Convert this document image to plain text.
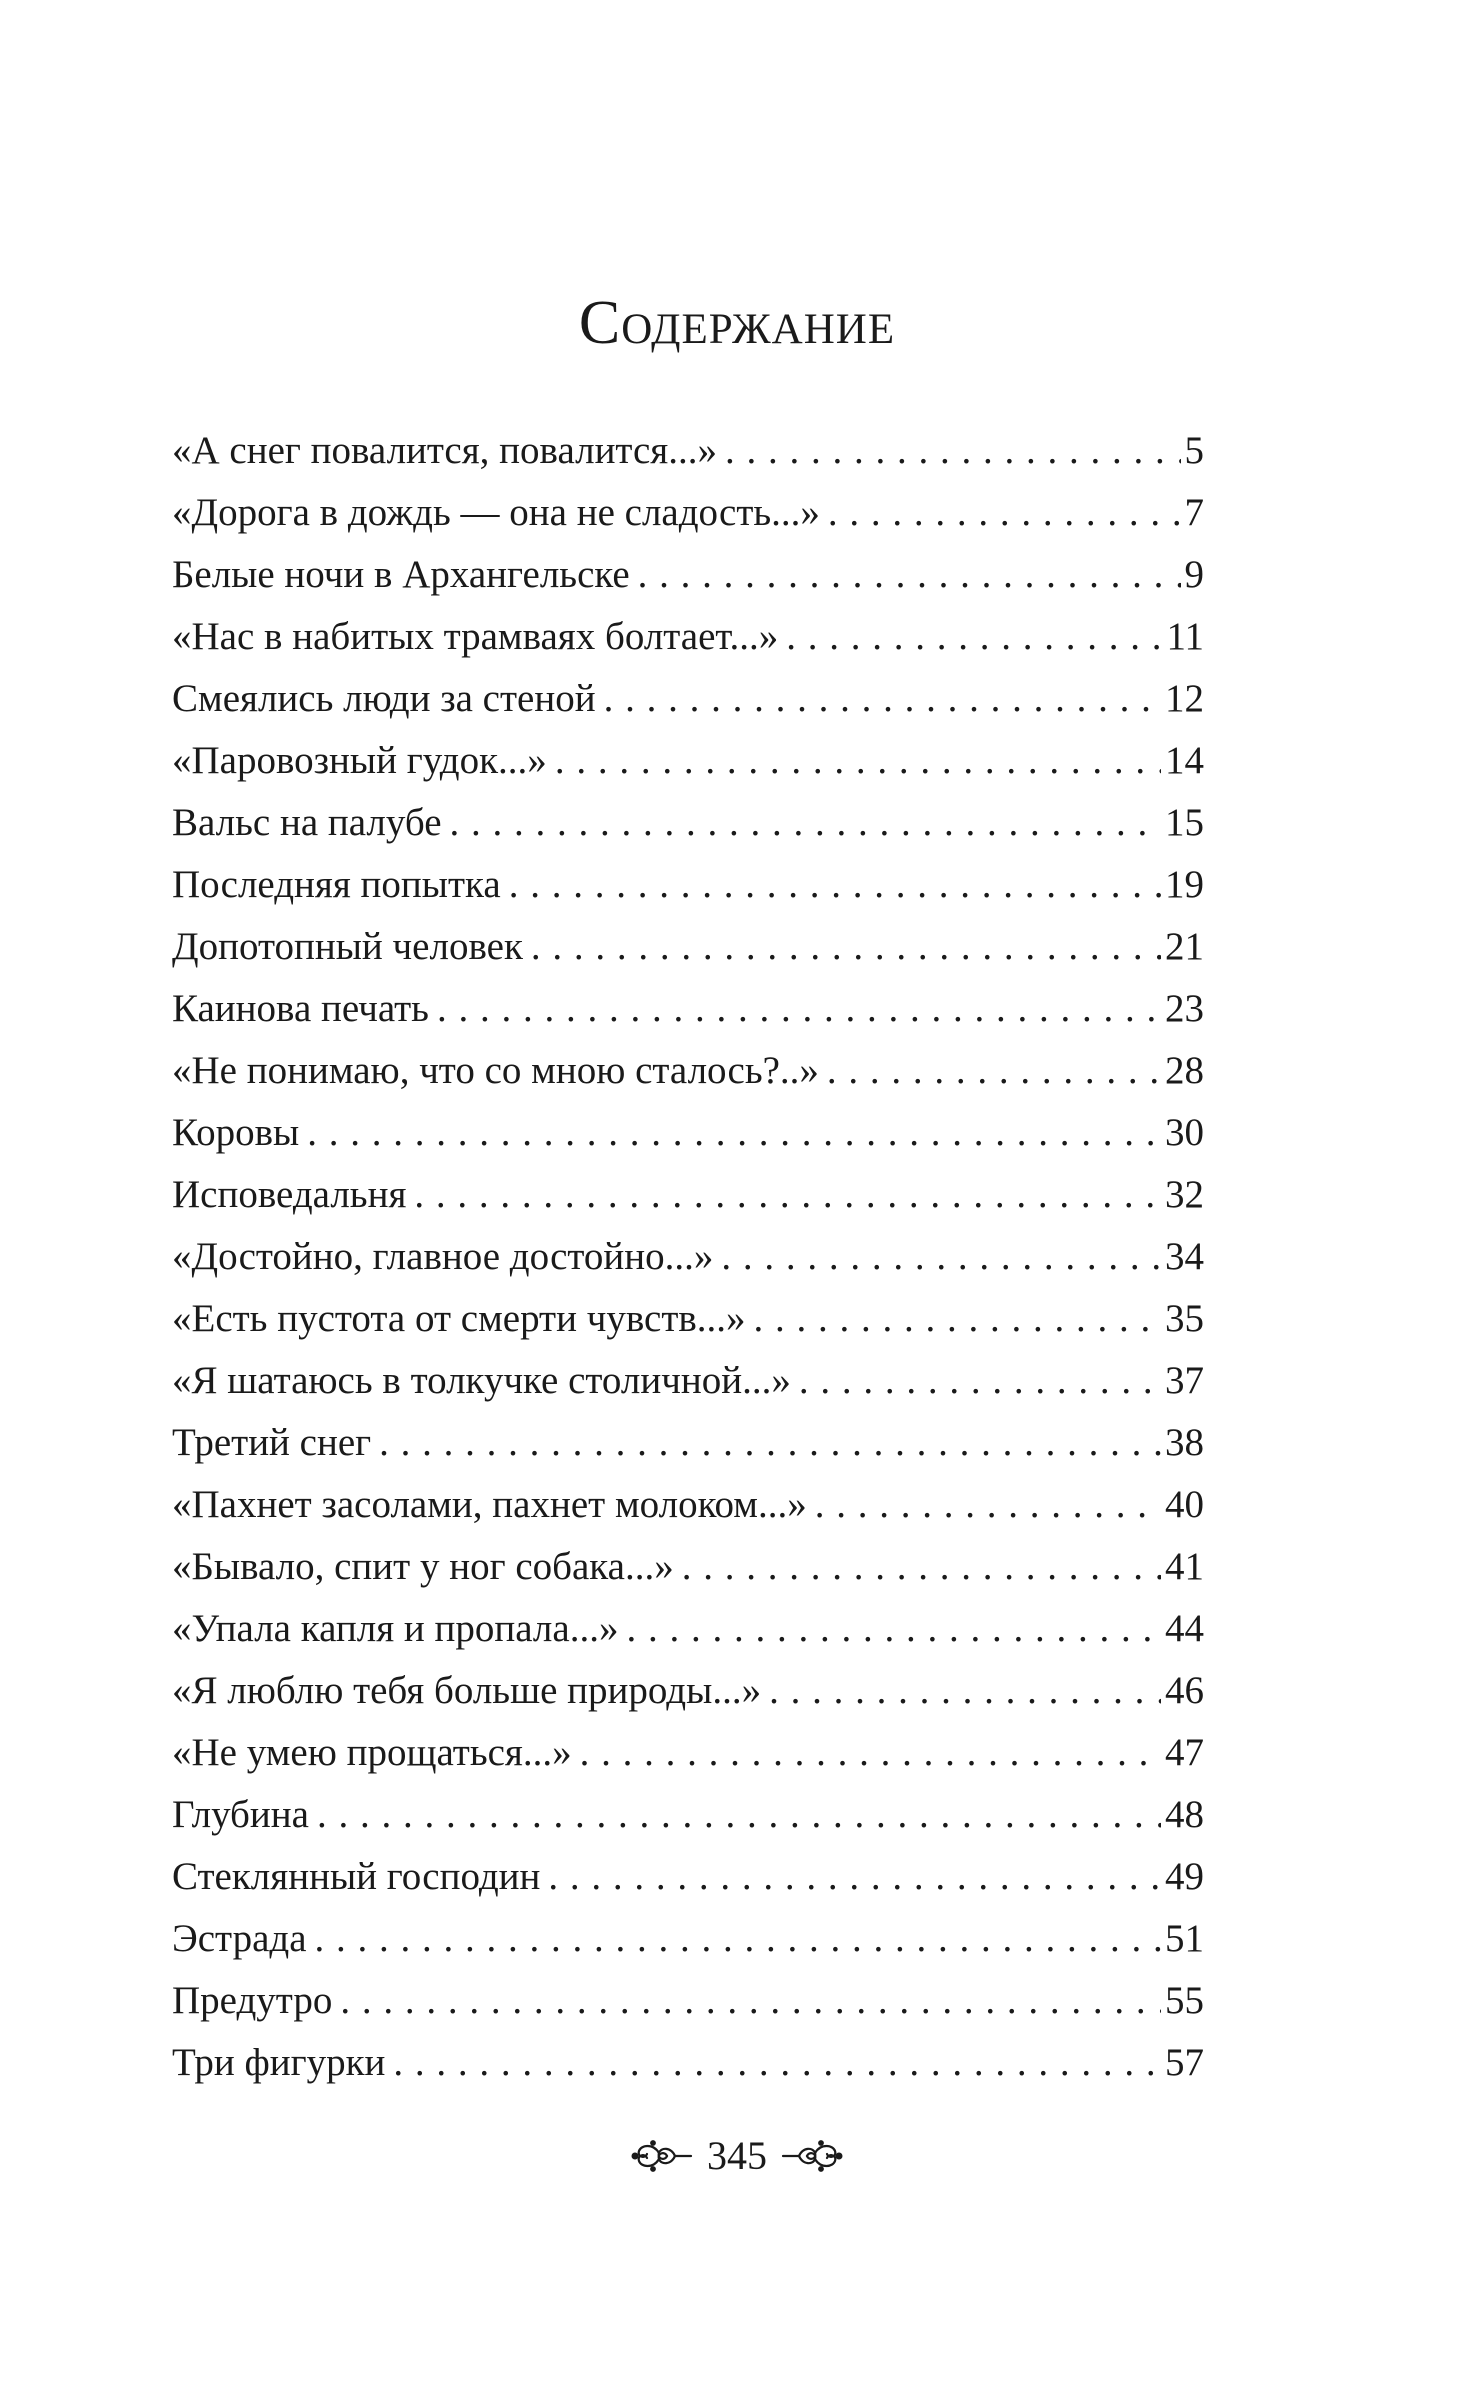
Содержание
«А снег повалится, повалится...» . . .	5
«Дорога в дождь — она не сладость...» . . .	7
Белые ночи в Архангельске . . .	9
«Нас в набитых трамваях болтает...» . . .	11
Смеялись люди за стеной . . .	12
«Паровозный гудок...» . . .	14
Вальс на палубе . . .	15
Последняя попытка . . .	19
Допотопный человек . . .	21
Каинова печать . . .	23
«Не понимаю, что со мною сталось?..» . . .	28
Коровы . . .	30
Исповедальня . . .	32
«Достойно, главное достойно...» . . .	34
«Есть пустота от смерти чувств...» . . .	35
«Я шатаюсь в толкучке столичной...» . . .	37
Третий снег . . .	38
«Пахнет засолами, пахнет молоком...» . . .	40
«Бывало, спит у ног собака...» . . .	41
«Упала капля и пропала...» . . .	44
«Я люблю тебя больше природы...» . . .	46
«Не умею прощаться...» . . .	47
Глубина . . .	48
Стеклянный господин . . .	49
Эстрада . . .	51
Предутро . . .	55
Три фигурки . . .	57
345
